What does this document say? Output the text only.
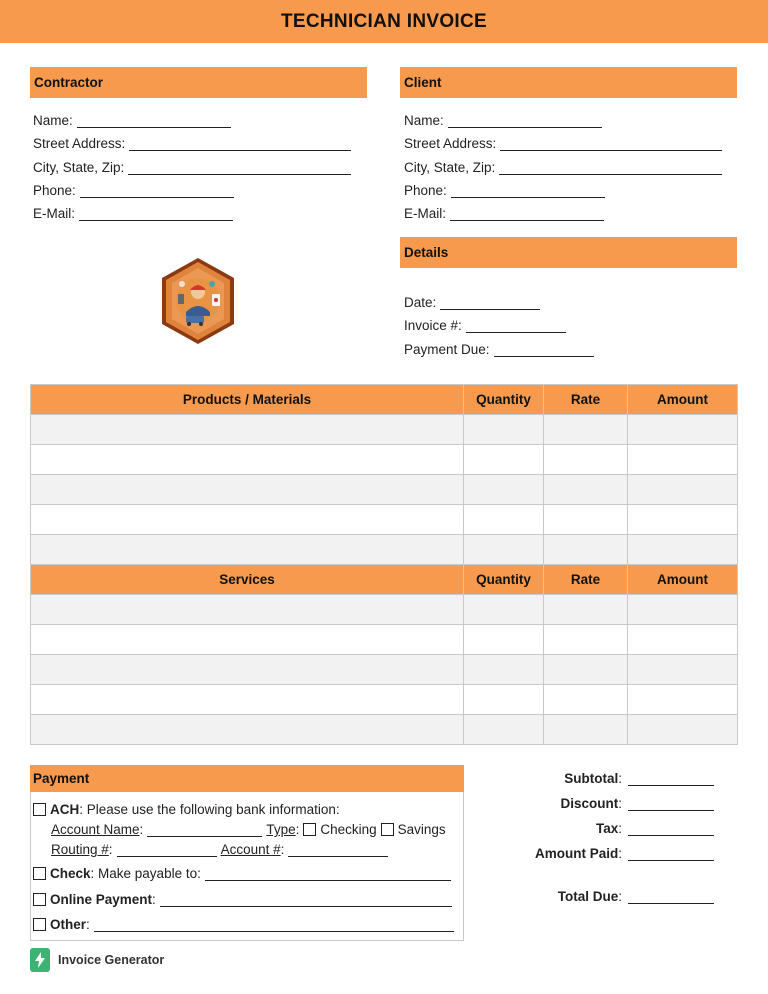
TECHNICIAN INVOICE
Contractor
Name:
Street Address:
City, State, Zip:
Phone:
E-Mail:
Client
Name:
Street Address:
City, State, Zip:
Phone:
E-Mail:
Details
Date:
Invoice #:
Payment Due:
Products / Materials	Quantity	Rate	Amount

Services	Quantity	Rate	Amount

Payment
ACH : Please use the following bank information:
Account Name :	Type : Checking Savings
Routing # :	Account # :
Check : Make payable to:
Online Payment :
Other :
Subtotal :
Discount :
Tax :
Amount Paid :
Total Due :
Invoice Generator
